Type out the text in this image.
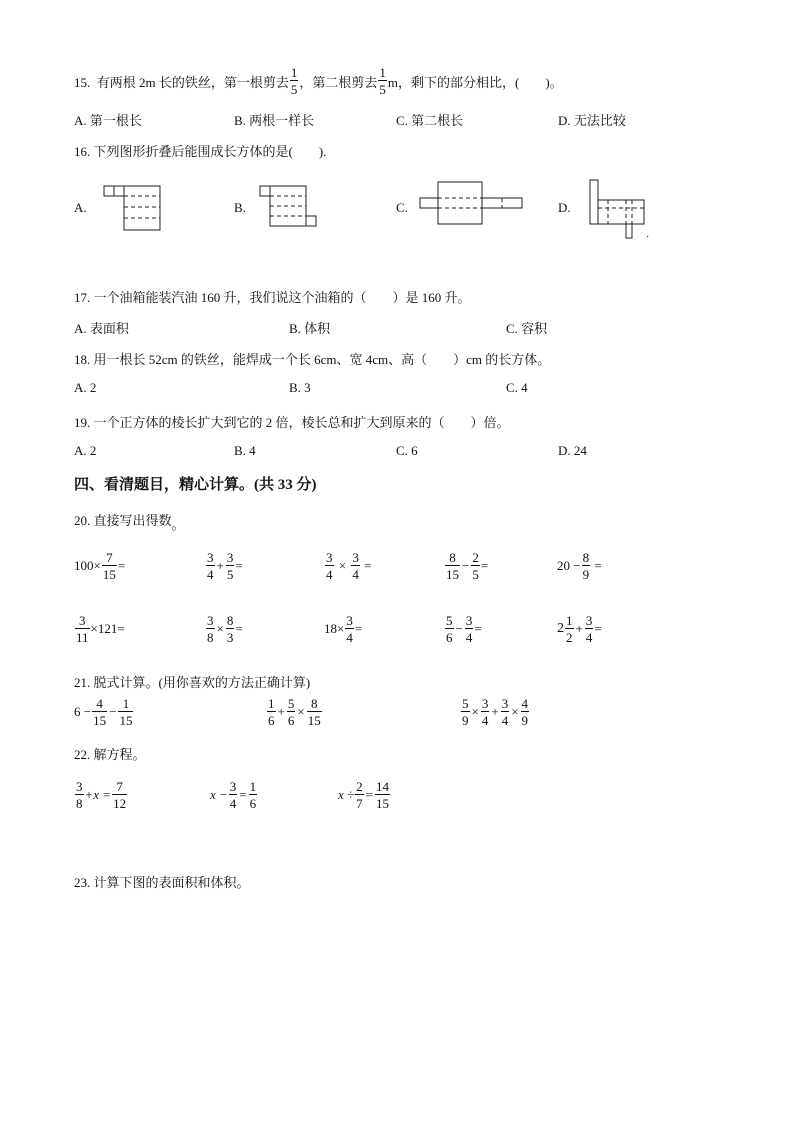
15. 有两根 2m 长的铁丝，第一根剪去 $\frac{1}{5}$ ，第二根剪去 $\frac{1}{5}$ m，剩下的部分相比，(　　)。
A. 第一根长	B. 两根一样长	C. 第二根长	D. 无法比较
16. 下列图形折叠后能围成长方体的是(　　).
A.	B.	C.	D.
·
17. 一个油箱能装汽油 160 升，我们说这个油箱的（　　）是 160 升。
A. 表面积	B. 体积	C. 容积
18. 用一根长 52cm 的铁丝，能焊成一个长 6cm、宽 4cm、高（　　）cm 的长方体。
A. 2	B. 3	C. 4
19. 一个正方体的棱长扩大到它的 2 倍，棱长总和扩大到原来的（　　）倍。
A. 2	B. 4	C. 6	D. 24
四、看清题目，精心计算。(共 33 分)
20. 直接写出得数。
$100\times \frac{7}{15}$ =	$\frac{3}{4} + \frac{3}{5}$ =	$\frac{3}{4} \times \frac{3}{4}$ =	$\frac{8}{15} - \frac{2}{5}$ =	$20 - \frac{8}{9}$ =
$\frac{3}{11} \times 121=$	$\frac{3}{8} \times \frac{8}{3}$ =	$18\times \frac{3}{4}$ =	$\frac{5}{6} - \frac{3}{4}$ =	$2 \frac{1}{2} + \frac{3}{4}$ =
21. 脱式计算。(用你喜欢的方法正确计算)
$6 - \frac{4}{15} - \frac{1}{15}$	$\frac{1}{6} + \frac{5}{6} \times \frac{8}{15}$	$\frac{5}{9} \times \frac{3}{4} + \frac{3}{4} \times \frac{4}{9}$
22. 解方程。
$\frac{3}{8} +x = \frac{7}{12}$	$x - \frac{3}{4} = \frac{1}{6}$	$x \div \frac{2}{7} = \frac{14}{15}$
23. 计算下图的表面积和体积。
